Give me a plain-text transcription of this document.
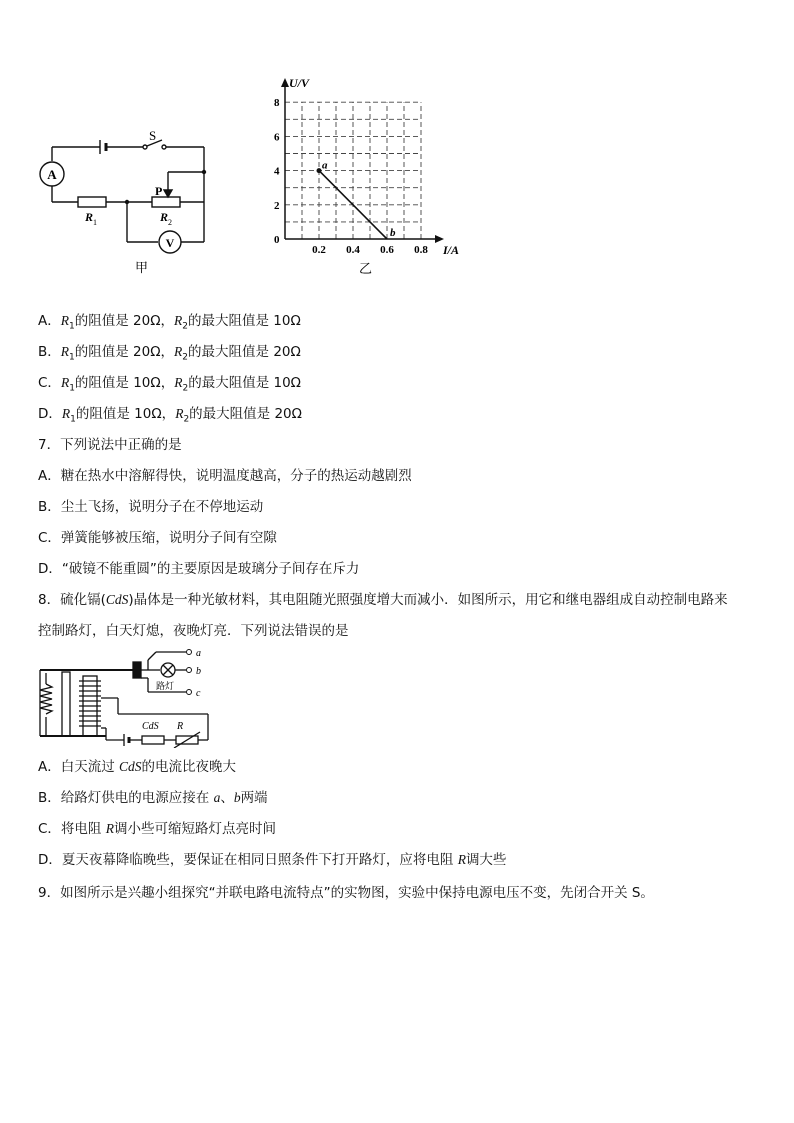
A
V
S
P
R 1	R 2
甲
2
4
6
8
0.2 0.4 0.6 0.8
a
b
U/V
I/A
0
乙
A．$R_1$的阻值是 20Ω，$R_2$的最大阻值是 10Ω
B．$R_1$的阻值是 20Ω，$R_2$的最大阻值是 20Ω
C．$R_1$的阻值是 10Ω，$R_2$的最大阻值是 10Ω
D．$R_1$的阻值是 10Ω，$R_2$的最大阻值是 20Ω
7．下列说法中正确的是
A．糖在热水中溶解得快，说明温度越高，分子的热运动越剧烈
B．尘土飞扬，说明分子在不停地运动
C．弹簧能够被压缩，说明分子间有空隙
D．“破镜不能重圆”的主要原因是玻璃分子间存在斥力
8．硫化镉(CdS)晶体是一种光敏材料，其电阻随光照强度增大而减小．如图所示，用它和继电器组成自动控制电路来
控制路灯，白天灯熄，夜晚灯亮．下列说法错误的是
a
b
c
路灯
CdS R
A．白天流过 CdS的电流比夜晚大
B．给路灯供电的电源应接在 a、b两端
C．将电阻 R调小些可缩短路灯点亮时间
D．夏天夜幕降临晚些，要保证在相同日照条件下打开路灯，应将电阻 R调大些
9．如图所示是兴趣小组探究“并联电路电流特点”的实物图，实验中保持电源电压不变，先闭合开关 S。
